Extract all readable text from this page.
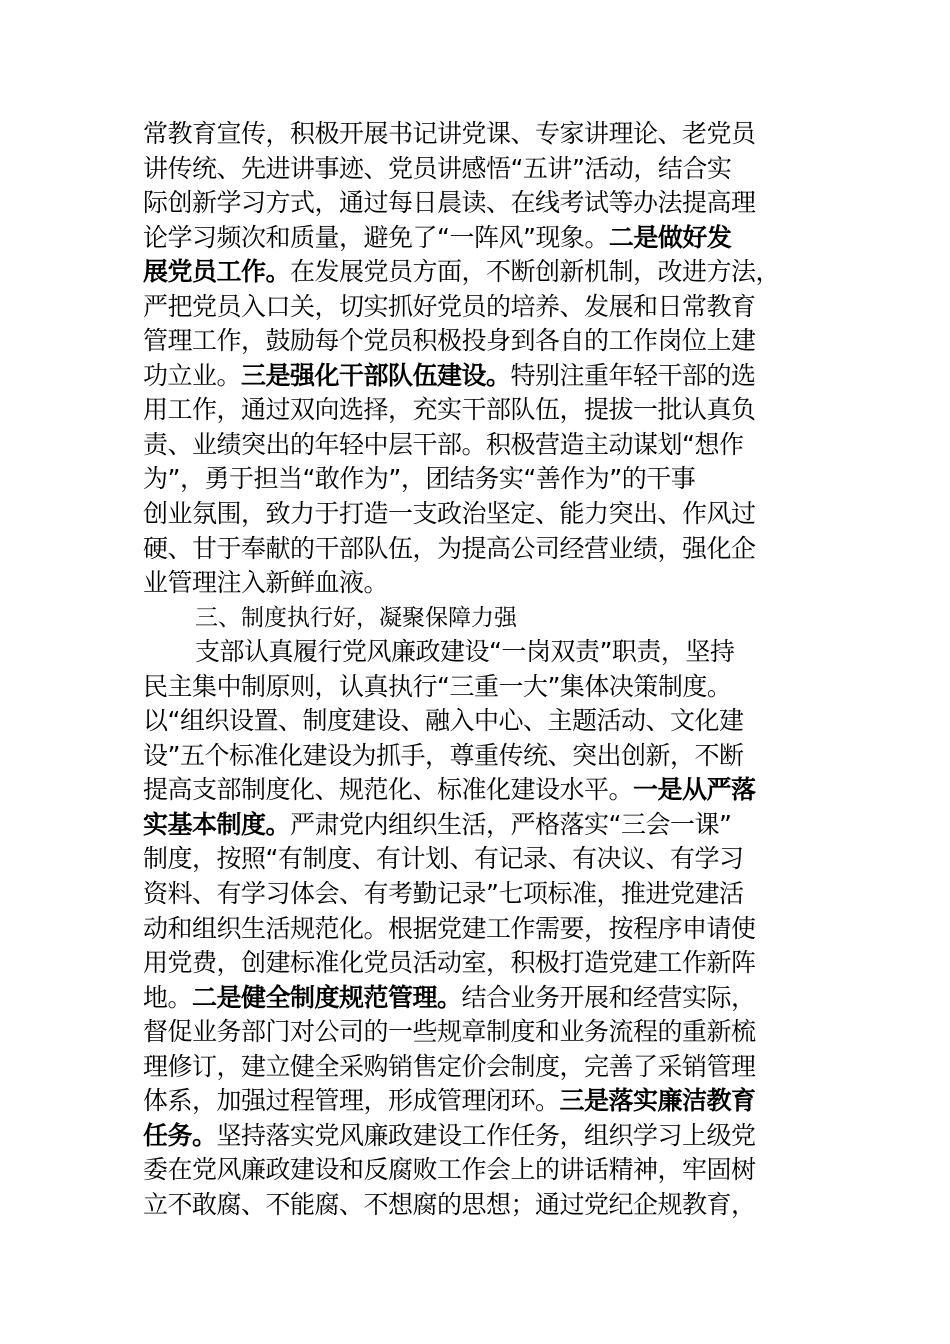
常教育宣传，积极开展书记讲党课、专家讲理论、老党员
讲传统、先进讲事迹、党员讲感悟“五讲”活动，结合实
际创新学习方式，通过每日晨读、在线考试等办法提高理
论学习频次和质量，避免了“一阵风”现象。二是做好发
展党员工作。在发展党员方面，不断创新机制，改进方法，
严把党员入口关，切实抓好党员的培养、发展和日常教育
管理工作，鼓励每个党员积极投身到各自的工作岗位上建
功立业。三是强化干部队伍建设。特别注重年轻干部的选
用工作，通过双向选择，充实干部队伍，提拔一批认真负
责、业绩突出的年轻中层干部。积极营造主动谋划“想作
为”，勇于担当“敢作为”，团结务实“善作为”的干事
创业氛围，致力于打造一支政治坚定、能力突出、作风过
硬、甘于奉献的干部队伍，为提高公司经营业绩，强化企
业管理注入新鲜血液。
三、制度执行好，凝聚保障力强
支部认真履行党风廉政建设“一岗双责”职责，坚持
民主集中制原则，认真执行“三重一大”集体决策制度。
以“组织设置、制度建设、融入中心、主题活动、文化建
设”五个标准化建设为抓手，尊重传统、突出创新，不断
提高支部制度化、规范化、标准化建设水平。一是从严落
实基本制度。严肃党内组织生活，严格落实“三会一课”
制度，按照“有制度、有计划、有记录、有决议、有学习
资料、有学习体会、有考勤记录”七项标准，推进党建活
动和组织生活规范化。根据党建工作需要，按程序申请使
用党费，创建标准化党员活动室，积极打造党建工作新阵
地。二是健全制度规范管理。结合业务开展和经营实际，
督促业务部门对公司的一些规章制度和业务流程的重新梳
理修订，建立健全采购销售定价会制度，完善了采销管理
体系，加强过程管理，形成管理闭环。三是落实廉洁教育
任务。坚持落实党风廉政建设工作任务，组织学习上级党
委在党风廉政建设和反腐败工作会上的讲话精神，牢固树
立不敢腐、不能腐、不想腐的思想；通过党纪企规教育，
